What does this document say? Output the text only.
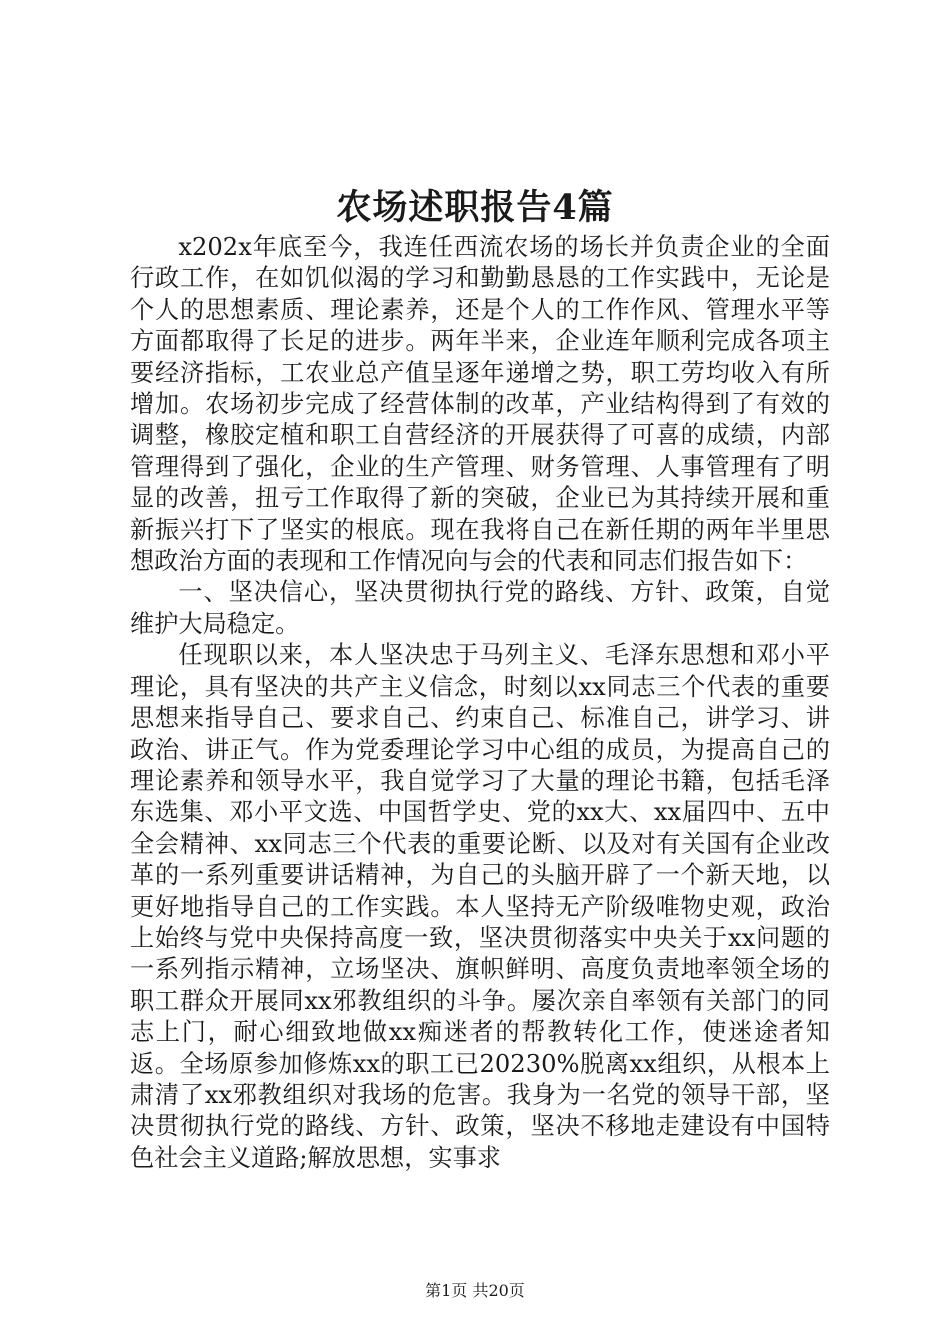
农场述职报告4篇

x202x年底至今，我连任西流农场的场长并负责企业的全面行政工作，在如饥似渴的学习和勤勤恳恳的工作实践中，无论是个人的思想素质、理论素养，还是个人的工作作风、管理水平等方面都取得了长足的进步。两年半来，企业连年顺利完成各项主要经济指标，工农业总产值呈逐年递增之势，职工劳均收入有所增加。农场初步完成了经营体制的改革，产业结构得到了有效的调整，橡胶定植和职工自营经济的开展获得了可喜的成绩，内部管理得到了强化，企业的生产管理、财务管理、人事管理有了明显的改善，扭亏工作取得了新的突破，企业已为其持续开展和重新振兴打下了坚实的根底。现在我将自己在新任期的两年半里思想政治方面的表现和工作情况向与会的代表和同志们报告如下：

一、坚决信心，坚决贯彻执行党的路线、方针、政策，自觉维护大局稳定。

任现职以来，本人坚决忠于马列主义、毛泽东思想和邓小平理论，具有坚决的共产主义信念，时刻以xx同志三个代表的重要思想来指导自己、要求自己、约束自己、标准自己，讲学习、讲政治、讲正气。作为党委理论学习中心组的成员，为提高自己的理论素养和领导水平，我自觉学习了大量的理论书籍，包括毛泽东选集、邓小平文选、中国哲学史、党的xx大、xx届四中、五中全会精神、xx同志三个代表的重要论断、以及对有关国有企业改革的一系列重要讲话精神，为自己的头脑开辟了一个新天地，以更好地指导自己的工作实践。本人坚持无产阶级唯物史观，政治上始终与党中央保持高度一致，坚决贯彻落实中央关于xx问题的一系列指示精神，立场坚决、旗帜鲜明、高度负责地率领全场的职工群众开展同xx邪教组织的斗争。屡次亲自率领有关部门的同志上门，耐心细致地做xx痴迷者的帮教转化工作，使迷途者知返。全场原参加修炼xx的职工已20230%脱离xx组织，从根本上肃清了xx邪教组织对我场的危害。我身为一名党的领导干部，坚决贯彻执行党的路线、方针、政策，坚决不移地走建设有中国特色社会主义道路;解放思想，实事求

第1页 共20页
